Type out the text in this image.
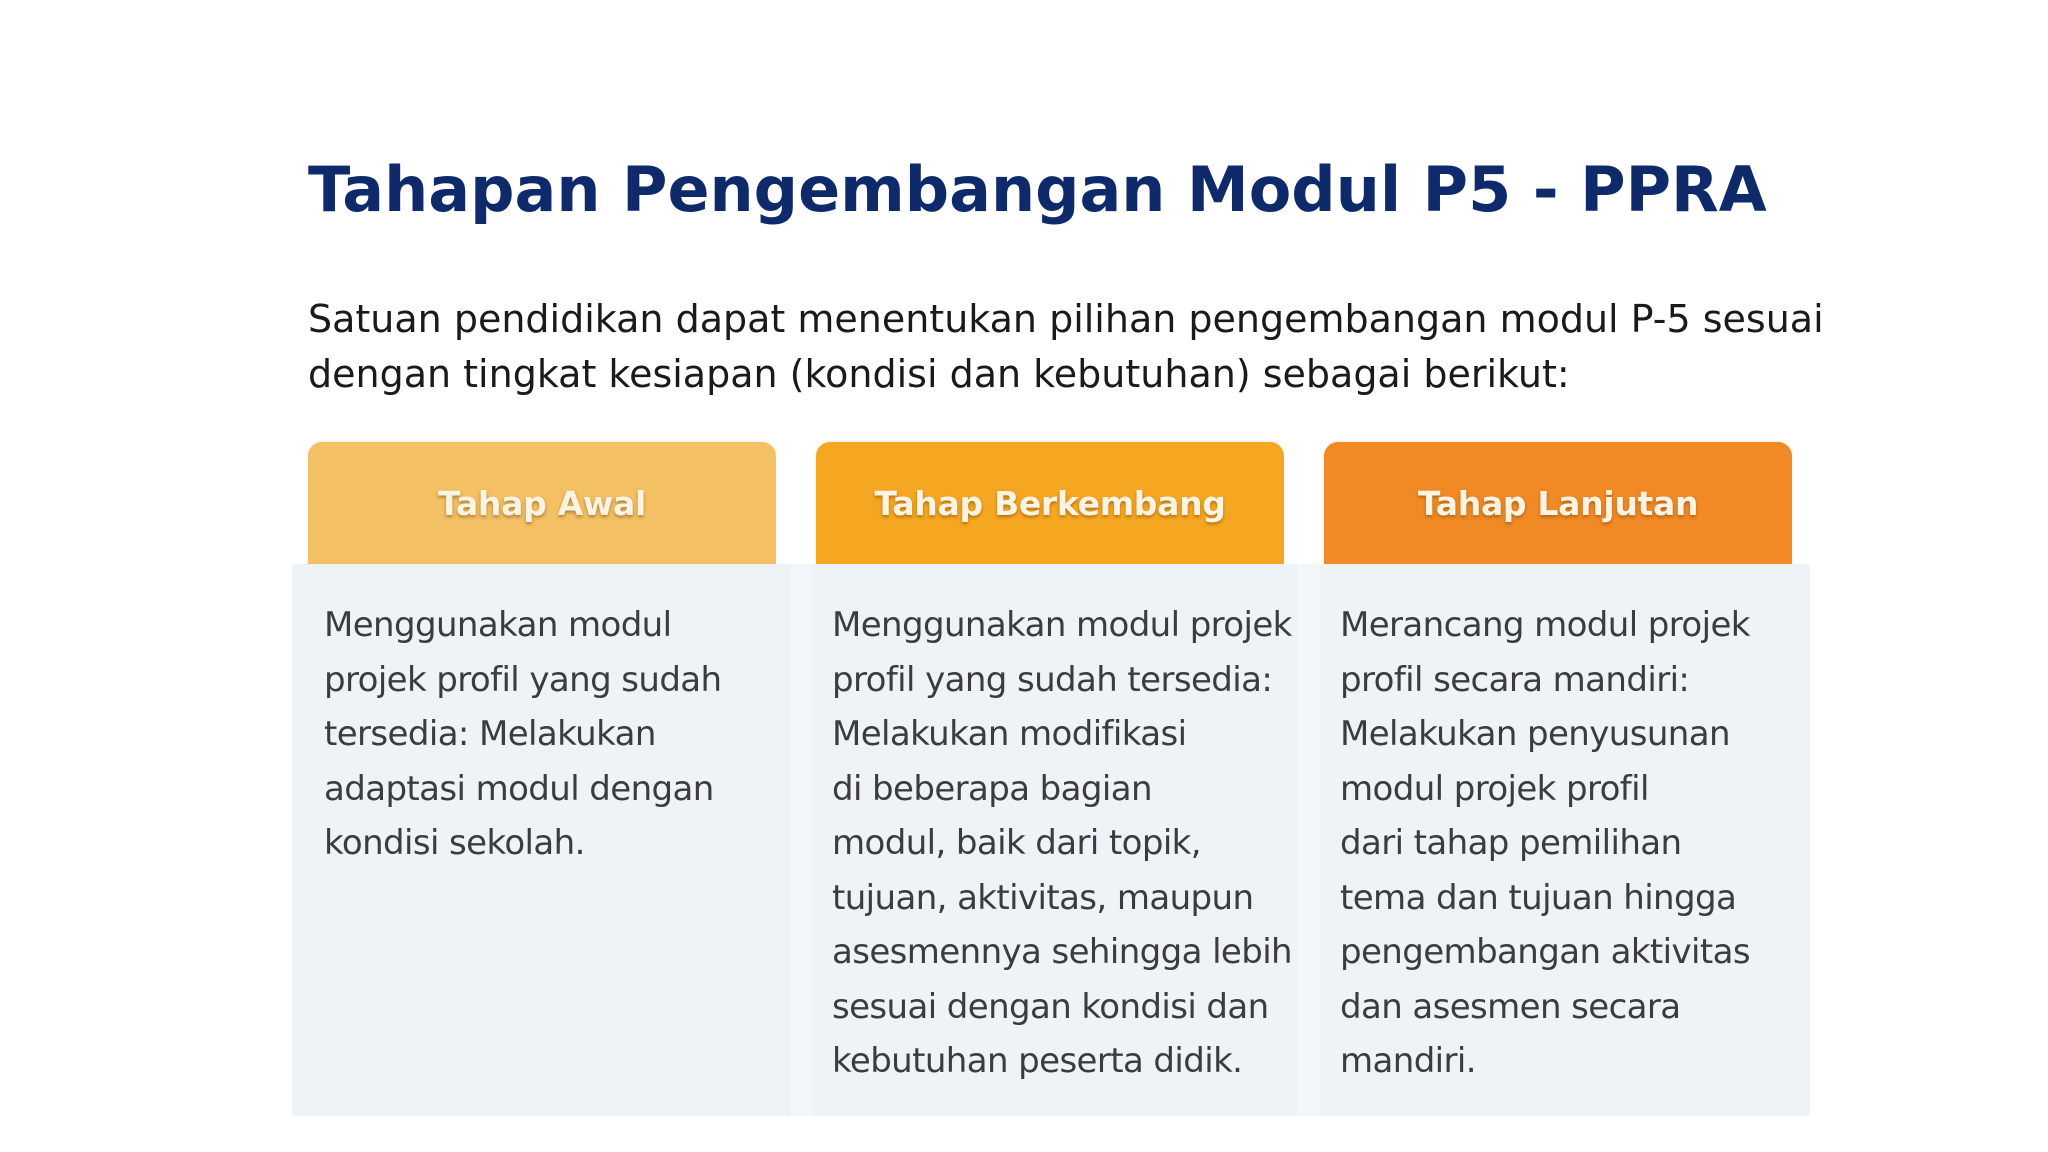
Tahapan Pengembangan Modul P5 - PPRA

Satuan pendidikan dapat menentukan pilihan pengembangan modul P-5 sesuai dengan tingkat kesiapan (kondisi dan kebutuhan) sebagai berikut:

Tahap Awal	Tahap Berkembang	Tahap Lanjutan
Menggunakan modul
projek profil yang sudah
tersedia: Melakukan
adaptasi modul dengan
kondisi sekolah.
Menggunakan modul projek
profil yang sudah tersedia:
Melakukan modifikasi
di beberapa bagian
modul, baik dari topik,
tujuan, aktivitas, maupun
asesmennya sehingga lebih
sesuai dengan kondisi dan
kebutuhan peserta didik.
Merancang modul projek
profil secara mandiri:
Melakukan penyusunan
modul projek profil
dari tahap pemilihan
tema dan tujuan hingga
pengembangan aktivitas
dan asesmen secara mandiri.
